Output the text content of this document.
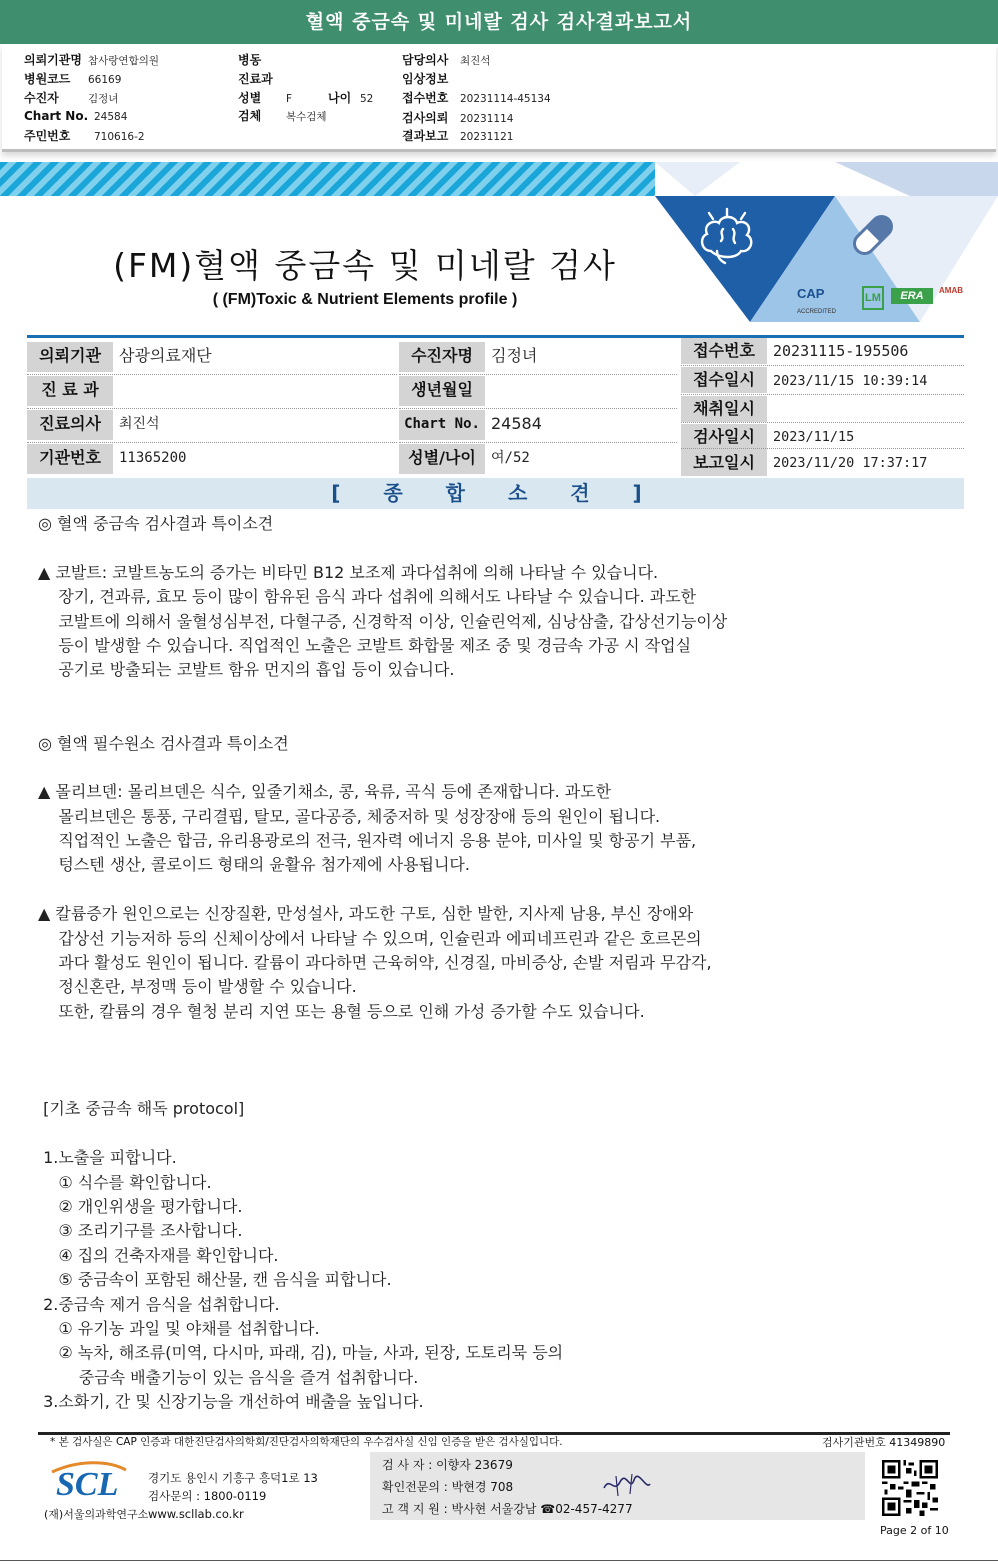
혈액 중금속 및 미네랄 검사 검사결과보고서
의뢰기관명 참사랑연합의원
병원코드 66169
수진자	김정녀
Chart No. 24584
주민번호 710616-2
병동
진료과
성별 F	나이 52
검체 복수검체
담당의사 최진석
임상정보
접수번호 20231114-45134
검사의뢰 20231114
결과보고 20231121
CAP
ACCREDITED
LM	ERA	AMAB
(FM)혈액 중금속 및 미네랄 검사
( (FM)Toxic & Nutrient Elements profile )
의뢰기관	삼광의료재단
진 료 과
진료의사	최진석
기관번호	11365200
수진자명	김정녀
생년월일
Chart No. 24584
성별/나이	여/52
접수번호	20231115-195506
접수일시	2023/11/15 10:39:14
채취일시
검사일시	2023/11/15
보고일시	2023/11/20 17:37:17
[ 종 합 소 견 ]
◎ 혈액 중금속 검사결과 특이소견
▲ 코발트: 코발트농도의 증가는 비타민 B12 보조제 과다섭취에 의해 나타날 수 있습니다.
장기, 견과류, 효모 등이 많이 함유된 음식 과다 섭취에 의해서도 나타날 수 있습니다. 과도한
코발트에 의해서 울혈성심부전, 다혈구증, 신경학적 이상, 인슐린억제, 심낭삼출, 갑상선기능이상
등이 발생할 수 있습니다. 직업적인 노출은 코발트 화합물 제조 중 및 경금속 가공 시 작업실
공기로 방출되는 코발트 함유 먼지의 흡입 등이 있습니다.
◎ 혈액 필수원소 검사결과 특이소견
▲ 몰리브덴: 몰리브덴은 식수, 잎줄기채소, 콩, 육류, 곡식 등에 존재합니다. 과도한
몰리브덴은 통풍, 구리결핍, 탈모, 골다공증, 체중저하 및 성장장애 등의 원인이 됩니다.
직업적인 노출은 합금, 유리용광로의 전극, 원자력 에너지 응용 분야, 미사일 및 항공기 부품,
텅스텐 생산, 콜로이드 형태의 윤활유 첨가제에 사용됩니다.
▲ 칼륨증가 원인으로는 신장질환, 만성설사, 과도한 구토, 심한 발한, 지사제 남용, 부신 장애와
갑상선 기능저하 등의 신체이상에서 나타날 수 있으며, 인슐린과 에피네프린과 같은 호르몬의
과다 활성도 원인이 됩니다. 칼륨이 과다하면 근육허약, 신경질, 마비증상, 손발 저림과 무감각,
정신혼란, 부정맥 등이 발생할 수 있습니다.
또한, 칼륨의 경우 혈청 분리 지연 또는 용혈 등으로 인해 가성 증가할 수도 있습니다.
[기초 중금속 해독 protocol]
1.노출을 피합니다.
① 식수를 확인합니다.
② 개인위생을 평가합니다.
③ 조리기구를 조사합니다.
④ 집의 건축자재를 확인합니다.
⑤ 중금속이 포함된 해산물, 캔 음식을 피합니다.
2.중금속 제거 음식을 섭취합니다.
① 유기농 과일 및 야채를 섭취합니다.
② 녹차, 해조류(미역, 다시마, 파래, 김), 마늘, 사과, 된장, 도토리묵 등의
중금속 배출기능이 있는 음식을 즐겨 섭취합니다.
3.소화기, 간 및 신장기능을 개선하여 배출을 높입니다.
* 본 검사실은 CAP 인증과 대한진단검사의학회/진단검사의학재단의 우수검사실 신임 인증을 받은 검사실입니다.	검사기관번호 41349890
SCL
(재)서울의과학연구소
경기도 용인시 기흥구 흥덕1로 13
검사문의 : 1800-0119
www.scllab.co.kr
검 사 자 : 이향자 23679
확인전문의 : 박현경 708
고 객 지 원 : 박사현 서울강남 ☎02-457-4277
Page 2 of 10
